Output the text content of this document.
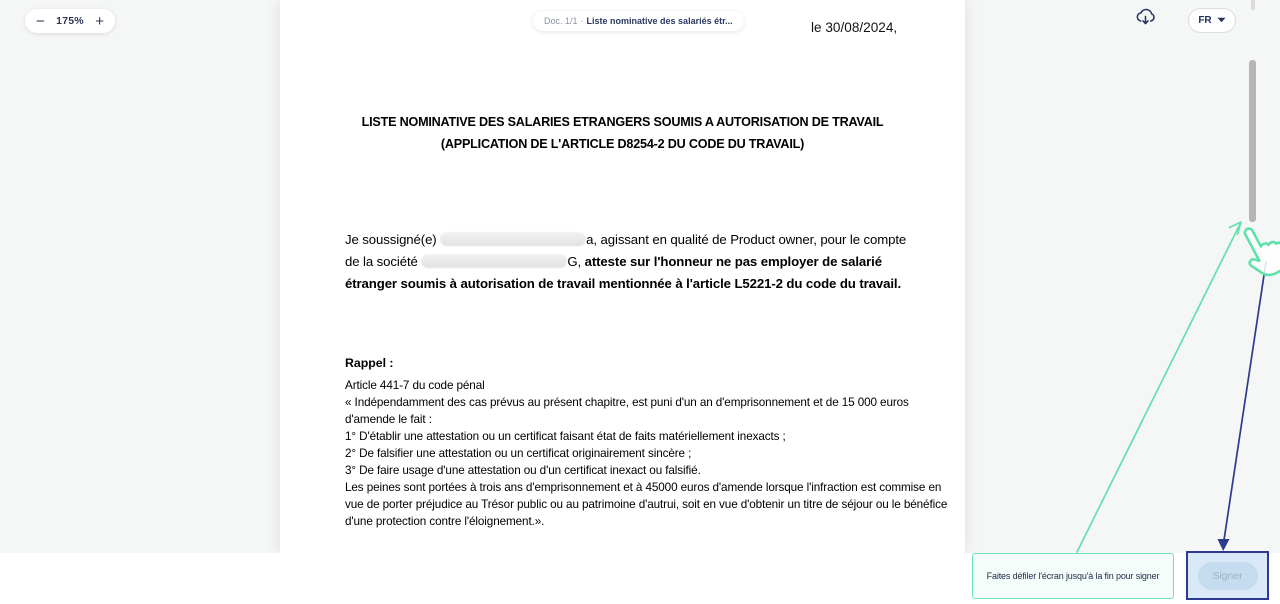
le 30/08/2024,
LISTE NOMINATIVE DES SALARIES ETRANGERS SOUMIS A AUTORISATION DE TRAVAIL
(APPLICATION DE L'ARTICLE D8254-2 DU CODE DU TRAVAIL)
Je soussigné(e)	a, agissant en qualité de Product owner, pour le compte
de la société	G, atteste sur l'honneur ne pas employer de salarié
étranger soumis à autorisation de travail mentionnée à l'article L5221-2 du code du travail.
Rappel :
Article 441-7 du code pénal
« Indépendamment des cas prévus au présent chapitre, est puni d'un an d'emprisonnement et de 15 000 euros
d'amende le fait :
1° D'établir une attestation ou un certificat faisant état de faits matériellement inexacts ;
2° De falsifier une attestation ou un certificat originairement sincère ;
3° De faire usage d'une attestation ou d'un certificat inexact ou falsifié.
Les peines sont portées à trois ans d'emprisonnement et à 45000 euros d'amende lorsque l'infraction est commise en
vue de porter préjudice au Trésor public ou au patrimoine d'autrui, soit en vue d'obtenir un titre de séjour ou le bénéfice
d'une protection contre l'éloignement.».
− 175% +	Doc. 1/1 · Liste nominative des salariés étr...	FR
Faites défiler l'écran jusqu'à la fin pour signer	Signer
